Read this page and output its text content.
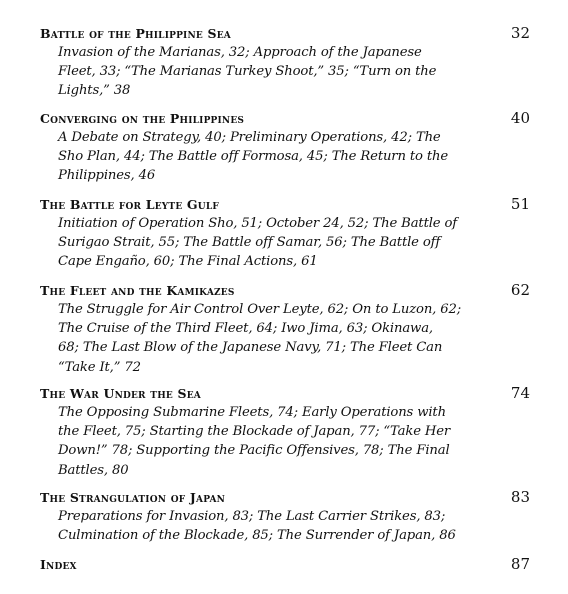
Battle of the Philippine Sea	32
Invasion of the Marianas, 32; Approach of the Japanese
Fleet, 33; “The Marianas Turkey Shoot,” 35; “Turn on the
Lights,” 38
Converging on the Philippines	40
A Debate on Strategy, 40; Preliminary Operations, 42; The
Sho Plan, 44; The Battle off Formosa, 45; The Return to the
Philippines, 46
The Battle for Leyte Gulf	51
Initiation of Operation Sho, 51; October 24, 52; The Battle of
Surigao Strait, 55; The Battle off Samar, 56; The Battle off
Cape Engaño, 60; The Final Actions, 61
The Fleet and the Kamikazes	62
The Struggle for Air Control Over Leyte, 62; On to Luzon, 62;
The Cruise of the Third Fleet, 64; Iwo Jima, 63; Okinawa,
68; The Last Blow of the Japanese Navy, 71; The Fleet Can
“Take It,” 72
The War Under the Sea	74
The Opposing Submarine Fleets, 74; Early Operations with
the Fleet, 75; Starting the Blockade of Japan, 77; “Take Her
Down!” 78; Supporting the Pacific Offensives, 78; The Final
Battles, 80
The Strangulation of Japan	83
Preparations for Invasion, 83; The Last Carrier Strikes, 83;
Culmination of the Blockade, 85; The Surrender of Japan, 86
Index	87
